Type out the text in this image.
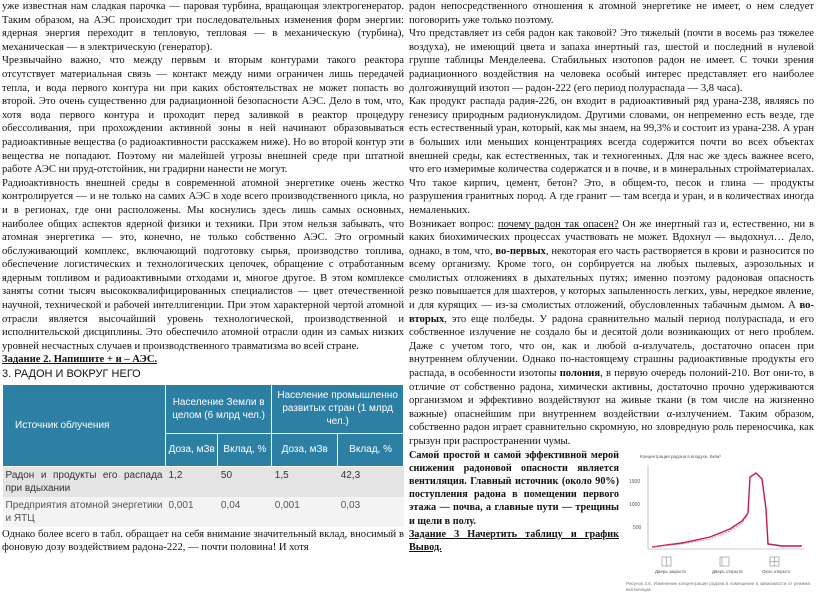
уже известная нам сладкая парочка — паровая турбина, вращающая электрогенератор. Таким образом, на АЭС происходит три последовательных изменения форм энергии: ядерная энергия переходит в тепловую, тепловая — в механическую (турбина), механическая — в электрическую (генератор).

Чрезвычайно важно, что между первым и вторым контурами такого реактора отсутствует материальная связь — контакт между ними ограничен лишь передачей тепла, и вода первого контура ни при каких обстоятельствах не может попасть во второй. Это очень существенно для радиационной безопасности АЭС. Дело в том, что, хотя вода первого контура и проходит перед заливкой в реактор процедуру обессоливания, при прохождении активной зоны в ней начинают образовываться радиоактивные вещества (о радиоактивности расскажем ниже). Но во второй контур эти вещества не попадают. Поэтому ни малейшей угрозы внешней среде при штатной работе АЭС ни пруд-отстойник, ни градирни нанести не могут.

Радиоактивность внешней среды в современной атомной энергетике очень жестко контролируется — и не только на самих АЭС в ходе всего производственного цикла, но и в регионах, где они расположены. Мы коснулись здесь лишь самых основных, наиболее общих аспектов ядерной физики и техники. При этом нельзя забывать, что атомная энергетика — это, конечно, не только собственно АЭС. Это огромный обслуживающий комплекс, включающий подготовку сырья, производство топлива, обеспечение логистических и технологических цепочек, обращение с отработанным ядерным топливом и радиоактивными отходами и, многое другое. В этом комплексе заняты сотни тысяч высококвалифицированных специалистов — цвет отечественной научной, технической и рабочей интеллигенции. При этом характерной чертой атомной отрасли является высочайший уровень технологической, производственной и исполнительской дисциплины. Это обеспечило атомной отрасли один из самых низких уровней несчастных случаев и производственного травматизма во всей стране.

Задание 2. Напишите + и – АЭС.

3. РАДОН И ВОКРУГ НЕГО

Источник облучения	Население Земли в целом (6 млрд чел.)		Население промышленно развитых стран (1 млрд чел.)	
	Доза, мЗв	Вклад, %	Доза, мЗв	Вклад, %
Радон и продукты его распада при вдыхании	1,2	50	1,5	42,3
Предприятия атомной энергетики и ЯТЦ	0,001	0,04	0,001	0,03

Однако более всего в табл. обращает на себя внимание значительный вклад, вносимый в фоновую дозу воздействием радона-222, — почти половина! И хотя

радон непосредственного отношения к атомной энергетике не имеет, о нем следует поговорить уже только поэтому.

Что представляет из себя радон как таковой? Это тяжелый (почти в восемь раз тяжелее воздуха), не имеющий цвета и запаха инертный газ, шестой и последний в нулевой группе таблицы Менделеева. Стабильных изотопов радон не имеет. С точки зрения радиационного воздействия на человека особый интерес представляет его наиболее долгоживущий изотоп — радон-222 (его период полураспада — 3,8 часа).

Как продукт распада радия-226, он входит в радиоактивный ряд урана-238, являясь по генезису природным радионуклидом. Другими словами, он непременно есть везде, где есть естественный уран, который, как мы знаем, на 99,3% и состоит из урана-238. А уран в больших или меньших концентрациях всегда содержится почти во всех объектах внешней среды, как естественных, так и техногенных. Для нас же здесь важнее всего, что его измеримые количества содержатся и в почве, и в минеральных стройматериалах. Что такое кирпич, цемент, бетон? Это, в общем-то, песок и глина — продукты разрушения гранитных пород. А где гранит — там всегда и уран, и в количествах иногда немаленьких.

Возникает вопрос: почему радон так опасен? Он же инертный газ и, естественно, ни в каких биохимических процессах участвовать не может. Вдохнул — выдохнул… Дело, однако, в том, что, во-первых, некоторая его часть растворяется в крови и разносится по всему организму. Кроме того, он сорбируется на любых пылевых, аэрозольных и смолистых отложениях в дыхательных путях; именно поэтому радоновая опасность резко повышается для шахтеров, у которых запыленность легких, увы, нередкое явление, и для курящих — из-за смолистых отложений, обусловленных табачным дымом. А во-вторых, это еще полбеды. У радона сравнительно малый период полураспада, и его собственное излучение не создало бы и десятой доли возникающих от него проблем. Даже с учетом того, что он, как и любой α-излучатель, достаточно опасен при внутреннем облучении. Однако по-настоящему страшны радиоактивные продукты его распада, в особенности изотопы полония, в первую очередь полоний-210. Вот они-то, в отличие от собственно радона, химически активны, достаточно прочно удерживаются организмом и эффективно воздействуют на живые ткани (в том числе на жизненно важные) опаснейшим при внутреннем воздействии α-излучением. Таким образом, собственно радон играет сравнительно скромную, но зловредную роль переносчика, как грызун при распространении чумы.

Самой простой и самой эффективной мерой снижения радоновой опасности является вентиляция. Главный источник (около 90%) поступления радона в помещении первого этажа — почва, а главные пути — трещины и щели в полу.
Задание 3 Начертить таблицу и график Вывод.
Концентрация радона в воздухе, Бк/м³
1500
1000
500
Дверь закрыта	Дверь открыта	Окно открыто
Рисунок 3.6. Изменение концентрации радона в помещении в зависимости от режима вентиляции
